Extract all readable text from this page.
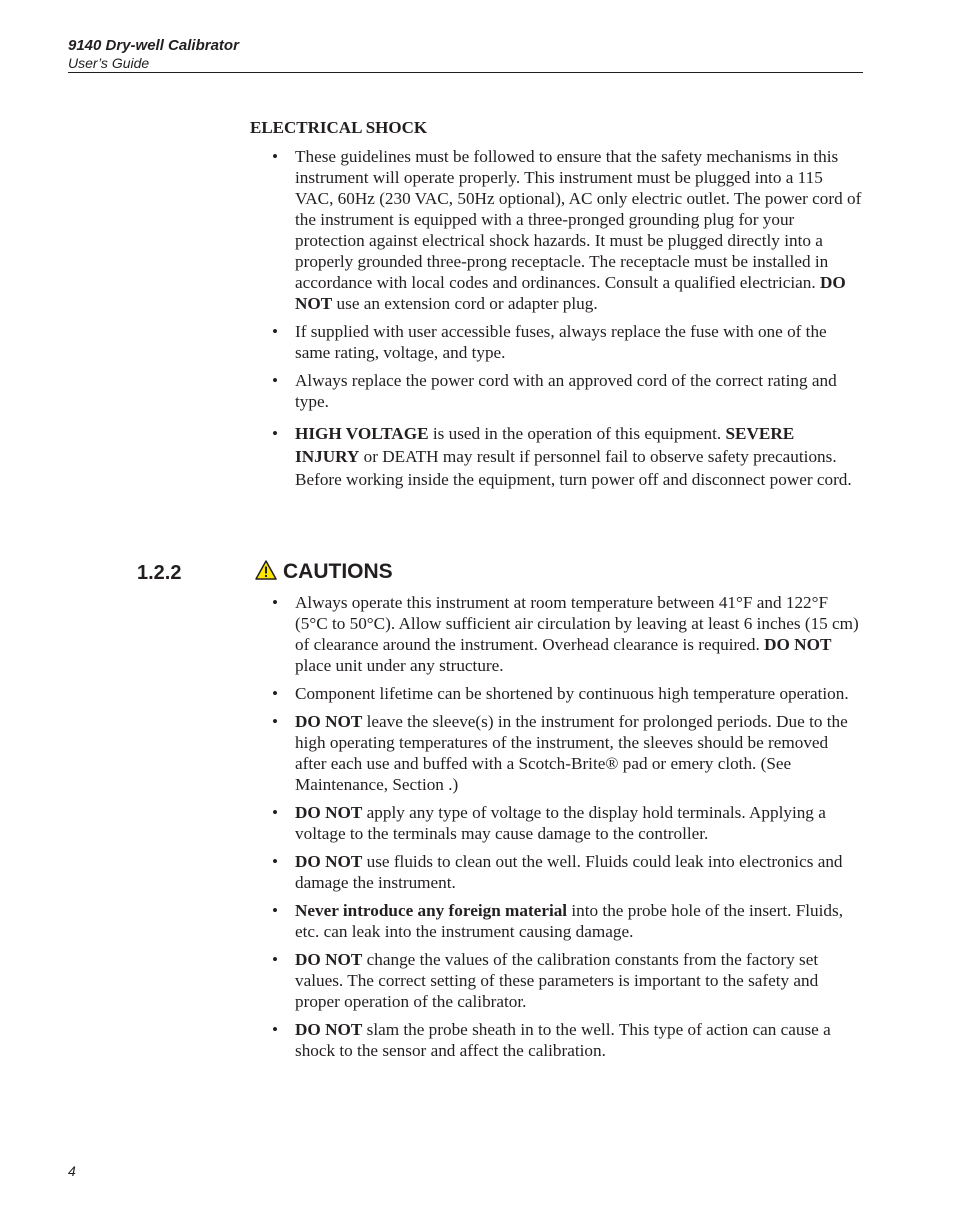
9140 Dry-well Calibrator
User’s Guide
ELECTRICAL SHOCK
• These guidelines must be followed to ensure that the safety mechanisms in this instrument will operate properly. This instrument must be plugged into a 115 VAC, 60Hz (230 VAC, 50Hz optional), AC only electric outlet. The power cord of the instrument is equipped with a three-pronged grounding plug for your protection against electrical shock hazards. It must be plugged directly into a properly grounded three-prong receptacle. The receptacle must be installed in accordance with local codes and ordinances. Consult a qualified electrician. DO NOT use an extension cord or adapter plug.
• If supplied with user accessible fuses, always replace the fuse with one of the same rating, voltage, and type.
• Always replace the power cord with an approved cord of the correct rating and type.
• HIGH VOLTAGE is used in the operation of this equipment. SEVERE INJURY or DEATH may result if personnel fail to observe safety precautions. Before working inside the equipment, turn power off and disconnect power cord.
1.2.2	CAUTIONS
• Always operate this instrument at room temperature between 41°F and 122°F (5°C to 50°C). Allow sufficient air circulation by leaving at least 6 inches (15 cm) of clearance around the instrument. Overhead clearance is required. DO NOT place unit under any structure.
• Component lifetime can be shortened by continuous high temperature operation.
• DO NOT leave the sleeve(s) in the instrument for prolonged periods. Due to the high operating temperatures of the instrument, the sleeves should be removed after each use and buffed with a Scotch-Brite® pad or emery cloth. (See Maintenance, Section .)
• DO NOT apply any type of voltage to the display hold terminals. Applying a voltage to the terminals may cause damage to the controller.
• DO NOT use fluids to clean out the well. Fluids could leak into electronics and damage the instrument.
• Never introduce any foreign material into the probe hole of the insert. Fluids, etc. can leak into the instrument causing damage.
• DO NOT change the values of the calibration constants from the factory set values. The correct setting of these parameters is important to the safety and proper operation of the calibrator.
• DO NOT slam the probe sheath in to the well. This type of action can cause a shock to the sensor and affect the calibration.
4
